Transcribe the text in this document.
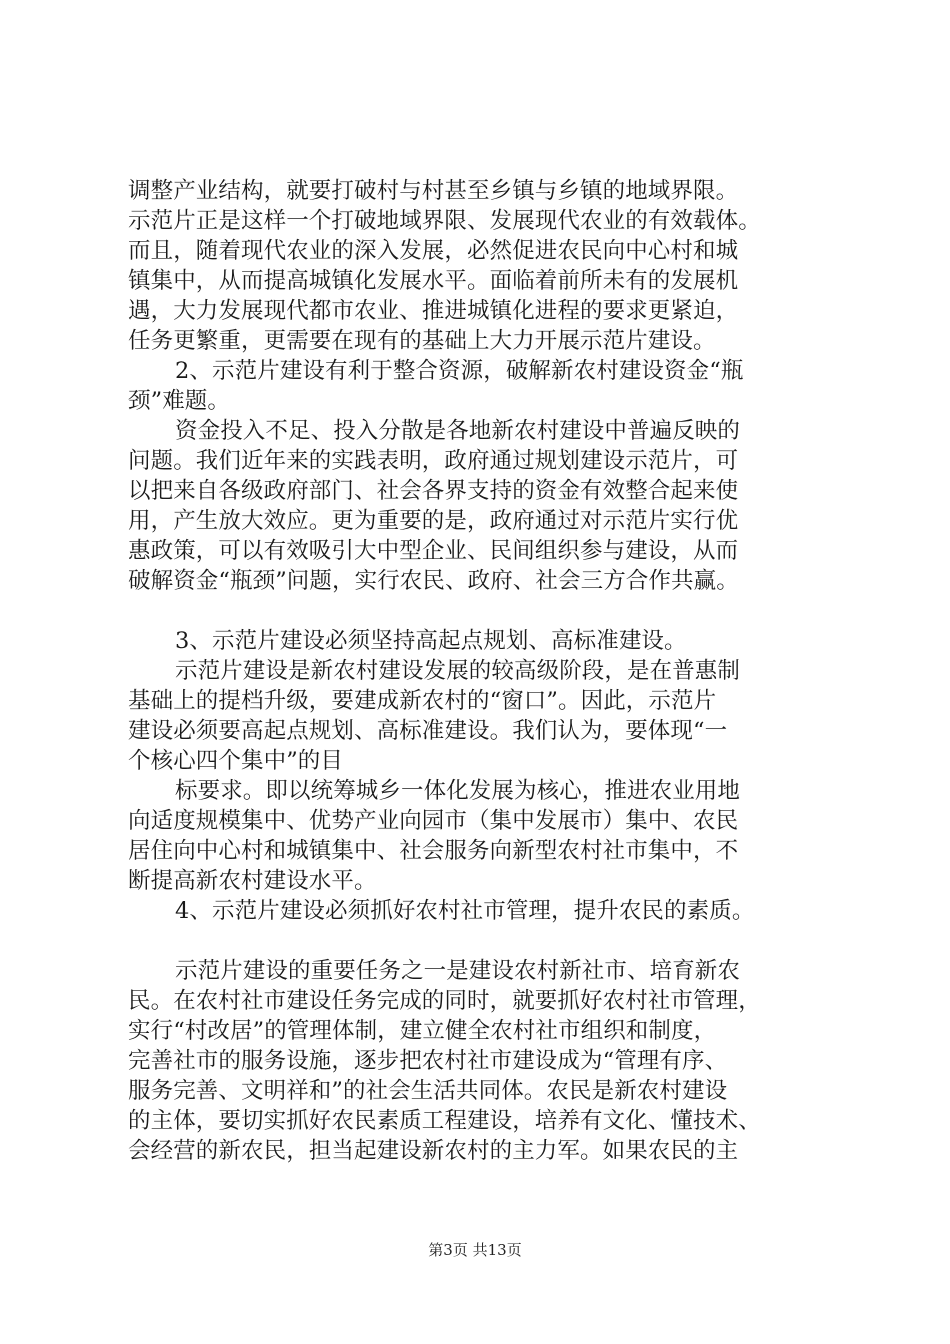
调整产业结构，就要打破村与村甚至乡镇与乡镇的地域界限。
示范片正是这样一个打破地域界限、发展现代农业的有效载体。
而且，随着现代农业的深入发展，必然促进农民向中心村和城
镇集中，从而提高城镇化发展水平。面临着前所未有的发展机
遇，大力发展现代都市农业、推进城镇化进程的要求更紧迫，
任务更繁重，更需要在现有的基础上大力开展示范片建设。
2、示范片建设有利于整合资源，破解新农村建设资金“瓶
颈”难题。
资金投入不足、投入分散是各地新农村建设中普遍反映的
问题。我们近年来的实践表明，政府通过规划建设示范片，可
以把来自各级政府部门、社会各界支持的资金有效整合起来使
用，产生放大效应。更为重要的是，政府通过对示范片实行优
惠政策，可以有效吸引大中型企业、民间组织参与建设，从而
破解资金“瓶颈”问题，实行农民、政府、社会三方合作共赢。
3、示范片建设必须坚持高起点规划、高标准建设。
示范片建设是新农村建设发展的较高级阶段，是在普惠制
基础上的提档升级，要建成新农村的“窗口”。因此，示范片
建设必须要高起点规划、高标准建设。我们认为，要体现“一
个核心四个集中”的目
标要求。即以统筹城乡一体化发展为核心，推进农业用地
向适度规模集中、优势产业向园市（集中发展市）集中、农民
居住向中心村和城镇集中、社会服务向新型农村社市集中，不
断提高新农村建设水平。
4、示范片建设必须抓好农村社市管理，提升农民的素质。
示范片建设的重要任务之一是建设农村新社市、培育新农
民。在农村社市建设任务完成的同时，就要抓好农村社市管理，
实行“村改居”的管理体制，建立健全农村社市组织和制度，
完善社市的服务设施，逐步把农村社市建设成为“管理有序、
服务完善、文明祥和”的社会生活共同体。农民是新农村建设
的主体，要切实抓好农民素质工程建设，培养有文化、懂技术、
会经营的新农民，担当起建设新农村的主力军。如果农民的主
第3页 共13页
